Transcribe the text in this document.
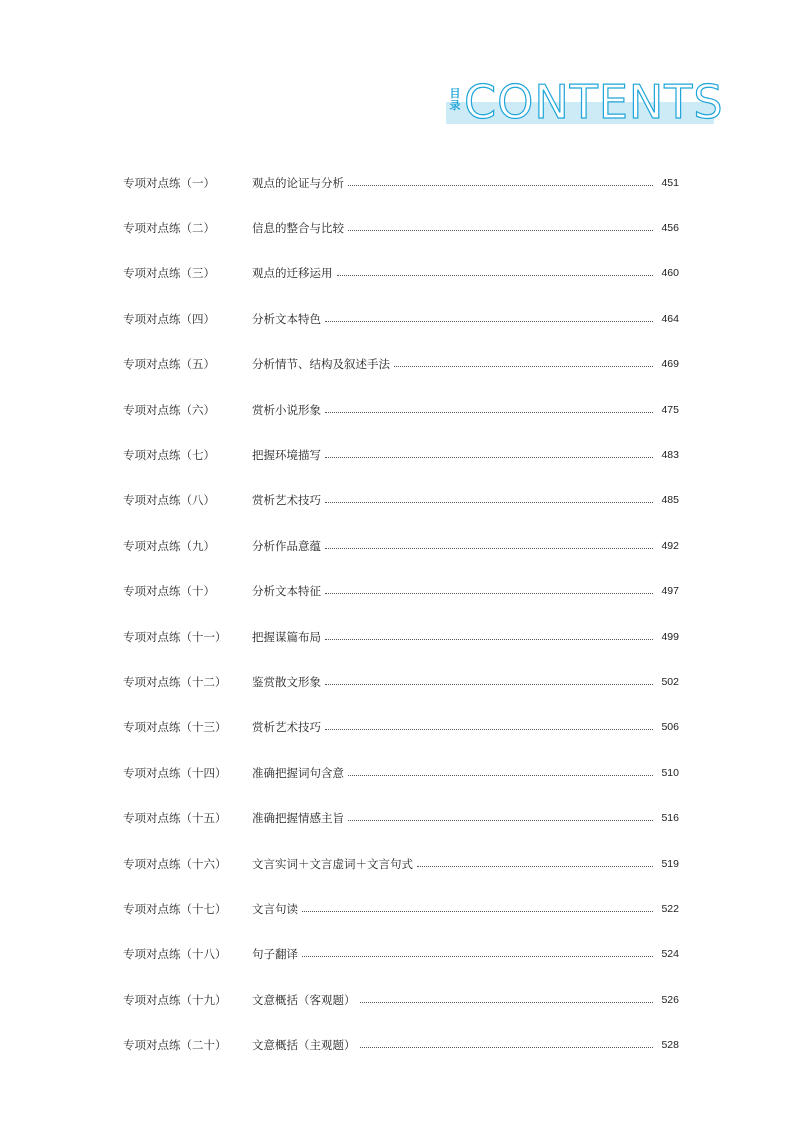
目录 CONTENTS
专项对点练（一）	观点的论证与分析	451
专项对点练（二）	信息的整合与比较	456
专项对点练（三）	观点的迁移运用	460
专项对点练（四）	分析文本特色	464
专项对点练（五）	分析情节、结构及叙述手法	469
专项对点练（六）	赏析小说形象	475
专项对点练（七）	把握环境描写	483
专项对点练（八）	赏析艺术技巧	485
专项对点练（九）	分析作品意蕴	492
专项对点练（十）	分析文本特征	497
专项对点练（十一）	把握谋篇布局	499
专项对点练（十二）	鉴赏散文形象	502
专项对点练（十三）	赏析艺术技巧	506
专项对点练（十四）	准确把握词句含意	510
专项对点练（十五）	准确把握情感主旨	516
专项对点练（十六）	文言实词＋文言虚词＋文言句式	519
专项对点练（十七）	文言句读	522
专项对点练（十八）	句子翻译	524
专项对点练（十九）	文意概括（客观题）	526
专项对点练（二十）	文意概括（主观题）	528
